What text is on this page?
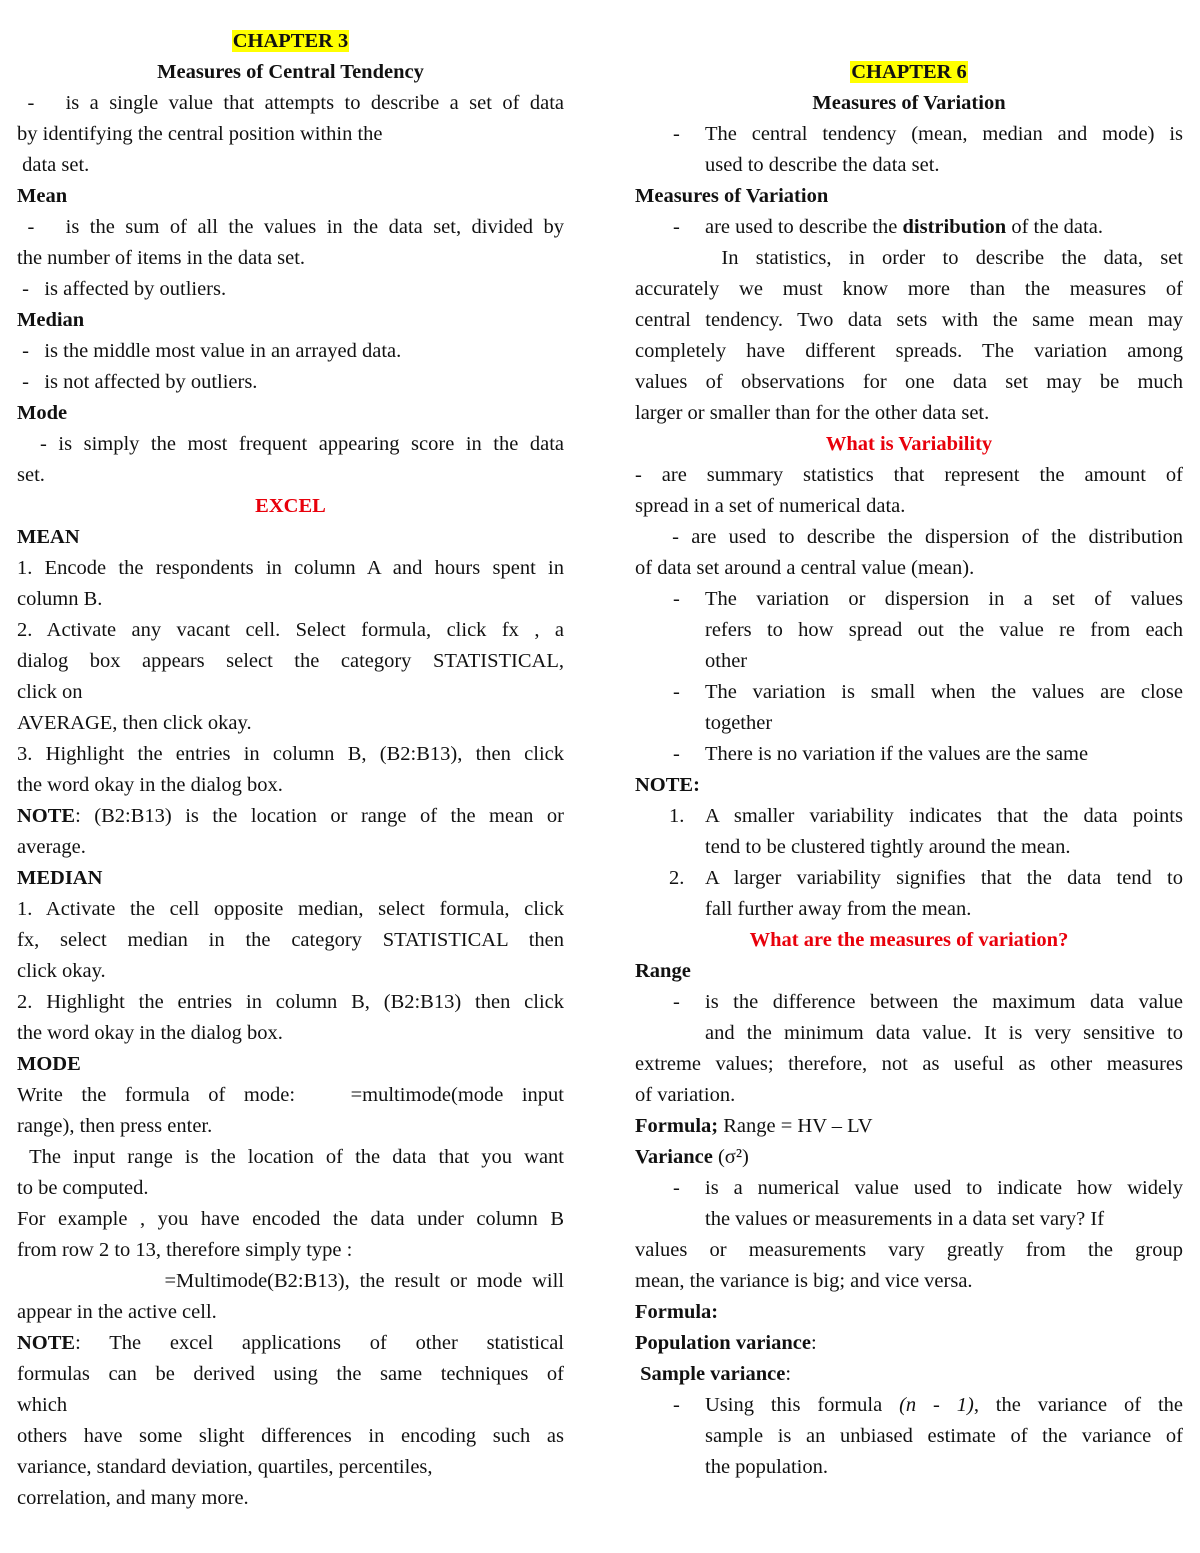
CHAPTER 3
Measures of Central Tendency
-   is a single value that attempts to describe a set of data
by identifying the central position within the
data set.
Mean
-   is the sum of all the values in the data set, divided by
the number of items in the data set.
-   is affected by outliers.
Median
-   is the middle most value in an arrayed data.
-   is not affected by outliers.
Mode
- is simply the most frequent appearing score in the data
set.
EXCEL
MEAN
1. Encode the respondents in column A and hours spent in
column B.
2. Activate any vacant cell. Select formula, click fx , a
dialog box appears select the category STATISTICAL,
click on
AVERAGE, then click okay.
3. Highlight the entries in column B, (B2:B13), then click
the word okay in the dialog box.
NOTE: (B2:B13) is the location or range of the mean or
average.
MEDIAN
1. Activate the cell opposite median, select formula, click
fx, select median in the category STATISTICAL then
click okay.
2. Highlight the entries in column B, (B2:B13) then click
the word okay in the dialog box.
MODE
Write the formula of mode:   =multimode(mode input
range), then press enter.
The input range is the location of the data that you want
to be computed.
For example , you have encoded the data under column B
from row 2 to 13, therefore simply type :
=Multimode(B2:B13), the result or mode will
appear in the active cell.
NOTE: The excel applications of other statistical
formulas can be derived using the same techniques of
which
others have some slight differences in encoding such as
variance, standard deviation, quartiles, percentiles,
correlation, and many more.
CHAPTER 6
Measures of Variation
-	The central tendency (mean, median and mode) is
used to describe the data set.
Measures of Variation
-	are used to describe the distribution of the data.
In statistics, in order to describe the data, set
accurately we must know more than the measures of
central tendency. Two data sets with the same mean may
completely have different spreads. The variation among
values of observations for one data set may be much
larger or smaller than for the other data set.
What is Variability
- are summary statistics that represent the amount of
spread in a set of numerical data.
- are used to describe the dispersion of the distribution
of data set around a central value (mean).
-	The variation or dispersion in a set of values
refers to how spread out the value re from each
other
-	The variation is small when the values are close
together
-	There is no variation if the values are the same
NOTE:
1.	A smaller variability indicates that the data points
tend to be clustered tightly around the mean.
2.	A larger variability signifies that the data tend to
fall further away from the mean.
What are the measures of variation?
Range
-	is the difference between the maximum data value
and the minimum data value. It is very sensitive to
extreme values; therefore, not as useful as other measures
of variation.
Formula; Range = HV – LV
Variance (σ²)
-	is a numerical value used to indicate how widely
the values or measurements in a data set vary? If
values or measurements vary greatly from the group
mean, the variance is big; and vice versa.
Formula:
Population variance:
Sample variance:
-	Using this formula (n - 1), the variance of the
sample is an unbiased estimate of the variance of
the population.
